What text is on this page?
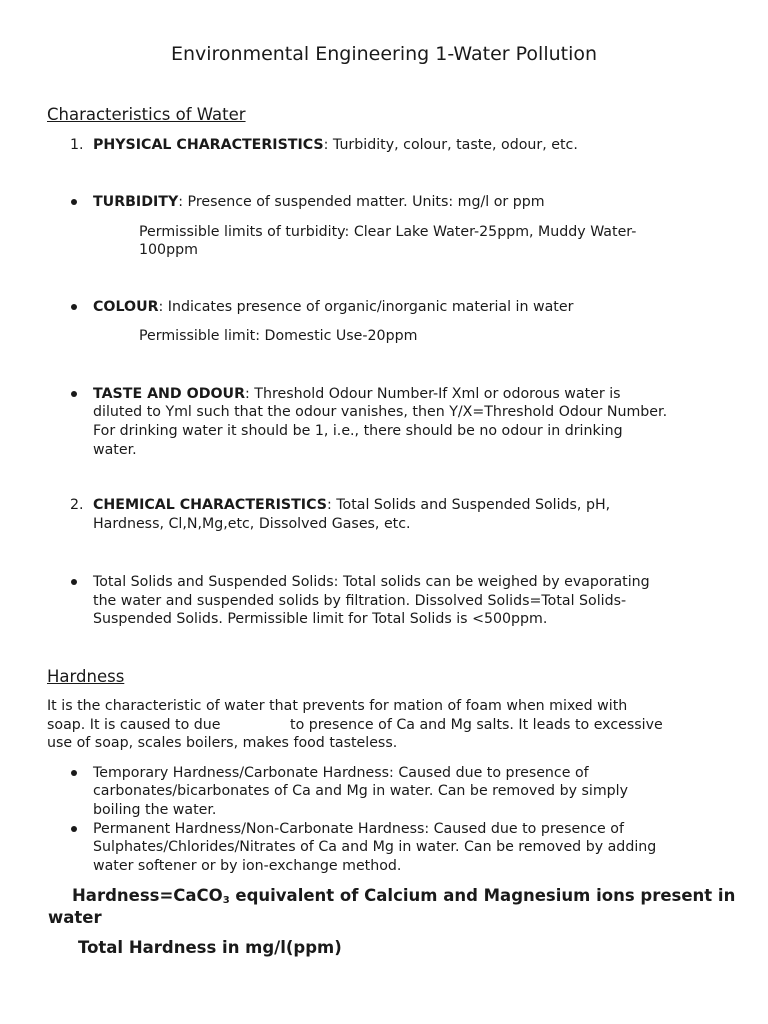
Environmental Engineering 1-Water Pollution
Characteristics of Water
1. PHYSICAL CHARACTERISTICS: Turbidity, colour, taste, odour, etc.
TURBIDITY: Presence of suspended matter. Units: mg/l or ppm
Permissible limits of turbidity: Clear Lake Water-25ppm, Muddy Water-
100ppm
COLOUR: Indicates presence of organic/inorganic material in water
Permissible limit: Domestic Use-20ppm
TASTE AND ODOUR: Threshold Odour Number-If Xml or odorous water is
diluted to Yml such that the odour vanishes, then Y/X=Threshold Odour Number.
For drinking water it should be 1, i.e., there should be no odour in drinking
water.
2. CHEMICAL CHARACTERISTICS: Total Solids and Suspended Solids, pH,
Hardness, Cl,N,Mg,etc, Dissolved Gases, etc.
Total Solids and Suspended Solids: Total solids can be weighed by evaporating
the water and suspended solids by filtration. Dissolved Solids=Total Solids-
Suspended Solids. Permissible limit for Total Solids is <500ppm.
Hardness
It is the characteristic of water that prevents for mation of foam when mixed with
soap. It is caused to due	to presence of Ca and Mg salts. It leads to excessive
use of soap, scales boilers, makes food tasteless.
Temporary Hardness/Carbonate Hardness: Caused due to presence of
carbonates/bicarbonates of Ca and Mg in water. Can be removed by simply
boiling the water.
Permanent Hardness/Non-Carbonate Hardness: Caused due to presence of
Sulphates/Chlorides/Nitrates of Ca and Mg in water. Can be removed by adding
water softener or by ion-exchange method.
Hardness=CaCO$_3$ equivalent of Calcium and Magnesium ions present in
water
Total Hardness in mg/l(ppm)
